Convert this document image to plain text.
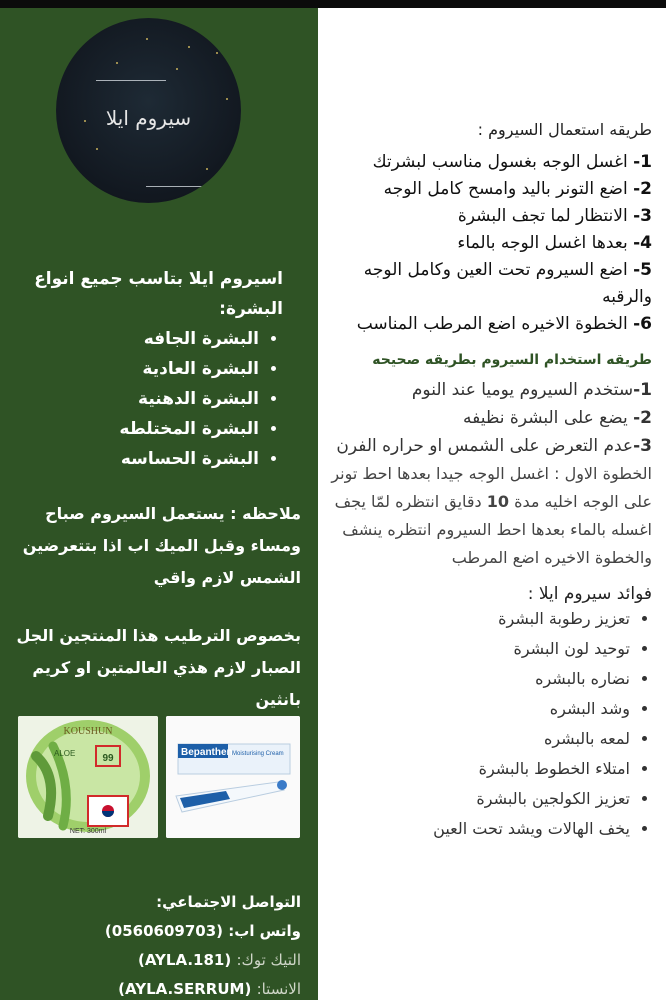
سيروم ايلا
اسيروم ايلا بتاسب جميع انواع البشرة:
• البشرة الجافه
• البشرة العادية
• البشرة الدهنية
• البشرة المختلطه
• البشرة الحساسه
ملاحظه : يستعمل السيروم صباح ومساء وقبل الميك اب اذا بتتعرضين الشمس لازم واقي
بخصوص الترطيب هذا المنتجين الجل الصبار لازم هذي العالمتين او كريم بانثين
KOUSHUN
ALOE	99
NET: 300ml
Bepanthen Moisturising Cream
التواصل الاجتماعي:
واتس اب: (0560609703)
التيك توك: (AYLA.181)
الانستا: (AYLA.SERRUM)
طريقه استعمال السيروم :
1- اغسل الوجه بغسول مناسب لبشرتك
2- اضع التونر باليد وامسح كامل الوجه
3- الانتظار لما تجف البشرة
4- بعدها اغسل الوجه بالماء
5- اضع السيروم تحت العين وكامل الوجه والرقبه
6- الخطوة الاخيره اضع المرطب المناسب
طريقه استخدام السيروم بطريقه صحيحه
1-ستخدم السيروم يوميا عند النوم
2- يضع على البشرة نظيفه
3-عدم التعرض على الشمس او حراره الفرن
الخطوة الاول : اغسل الوجه جيدا بعدها احط تونر على الوجه اخليه مدة 10 دقايق انتظره لمّا يجف اغسله بالماء بعدها احط السيروم انتظره ينشف والخطوة الاخيره اضع المرطب
فوائد سيروم ايلا :
• تعزيز رطوبة البشرة
• توحيد لون البشرة
• نضاره بالبشره
• وشد البشره
• لمعه بالبشره
• امتلاء الخطوط بالبشرة
• تعزيز الكولجين بالبشرة
• يخف الهالات ويشد تحت العين
